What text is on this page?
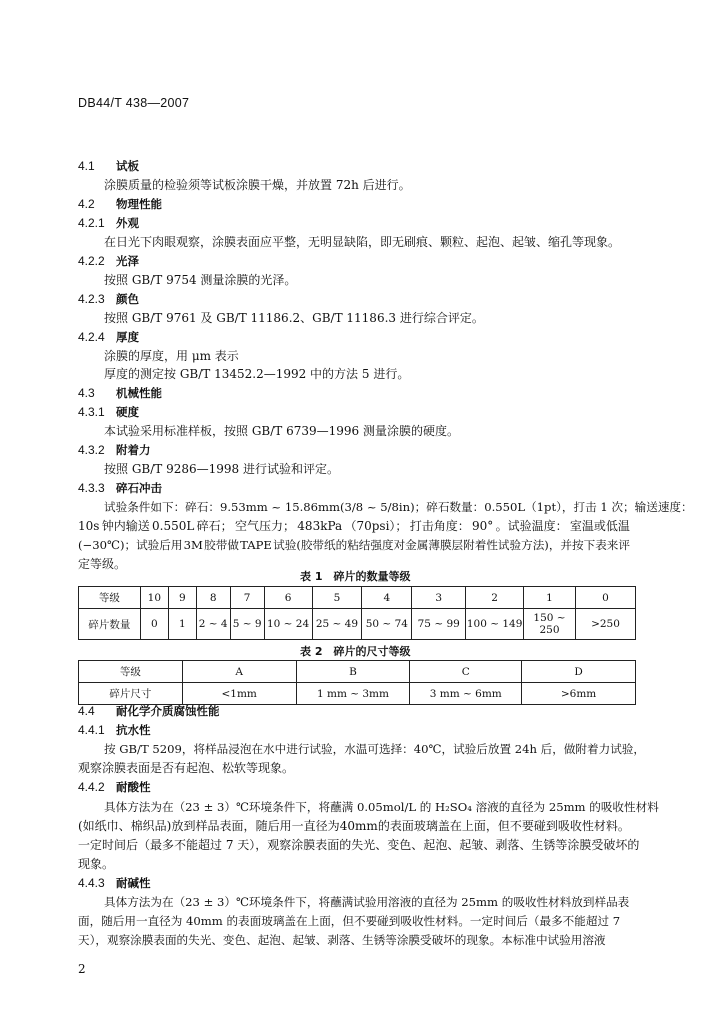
DB44/T 438—2007
4.1 试板
涂膜质量的检验须等试板涂膜干燥，并放置 72h 后进行。
4.2 物理性能
4.2.1 外观
在日光下肉眼观察，涂膜表面应平整，无明显缺陷，即无刷痕、颗粒、起泡、起皱、缩孔等现象。
4.2.2 光泽
按照 GB/T 9754 测量涂膜的光泽。
4.2.3 颜色
按照 GB/T 9761 及 GB/T 11186.2、GB/T 11186.3 进行综合评定。
4.2.4 厚度
涂膜的厚度，用 μm 表示
厚度的测定按 GB/T 13452.2—1992 中的方法 5 进行。
4.3 机械性能
4.3.1 硬度
本试验采用标准样板，按照 GB/T 6739—1996 测量涂膜的硬度。
4.3.2 附着力
按照 GB/T 9286—1998 进行试验和评定。
4.3.3 碎石冲击
试验条件如下：碎石：9.53mm ~ 15.86mm(3/8 ~ 5/8in)；碎石数量：0.550L（1pt），打击 1 次；输送速度：
10s 钟内输送 0.550L 碎石； 空气压力； 483kPa （70psi）； 打击角度： 90° 。试验温度： 室温或低温
(−30℃)；试验后用 3M 胶带做 TAPE 试验(胶带纸的粘结强度对金属薄膜层附着性试验方法)，并按下表来评
定等级。
表 1　碎片的数量等级
等级	10	9	8	7	6	5	4	3	2	1	0
碎片数量	0	1	2 ~ 4	5 ~ 9	10 ~ 24	25 ~ 49	50 ~ 74	75 ~ 99	100 ~ 149	150 ~ 250	>250
表 2　碎片的尺寸等级
等级	A	B	C	D
碎片尺寸	<1mm	1 mm ~ 3mm	3 mm ~ 6mm	>6mm
4.4 耐化学介质腐蚀性能
4.4.1 抗水性
按 GB/T 5209，将样品浸泡在水中进行试验，水温可选择：40℃，试验后放置 24h 后，做附着力试验，
观察涂膜表面是否有起泡、松软等现象。
4.4.2 耐酸性
具体方法为在（23 ± 3）℃环境条件下，将蘸满 0.05mol/L 的 H₂SO₄ 溶液的直径为 25mm 的吸收性材料
(如纸巾、棉织品) 放到样品表面， 随后用一直径为 40mm 的表面玻璃盖在上面， 但不要碰到吸收性材料。
一定时间后 （最多不能超过 7 天）， 观察涂膜表面的失光、 变色、 起泡、 起皱、 剥落、 生锈等涂膜受破坏的
现象。
4.4.3 耐碱性
具体方法为在（23 ± 3）℃环境条件下，将蘸满试验用溶液的直径为 25mm 的吸收性材料放到样品表
面，随后用一直径为 40mm 的表面玻璃盖在上面，但不要碰到吸收性材料。一定时间后（最多不能超过 7
天），观察涂膜表面的失光、变色、起泡、起皱、剥落、生锈等涂膜受破坏的现象。本标准中试验用溶液
2
